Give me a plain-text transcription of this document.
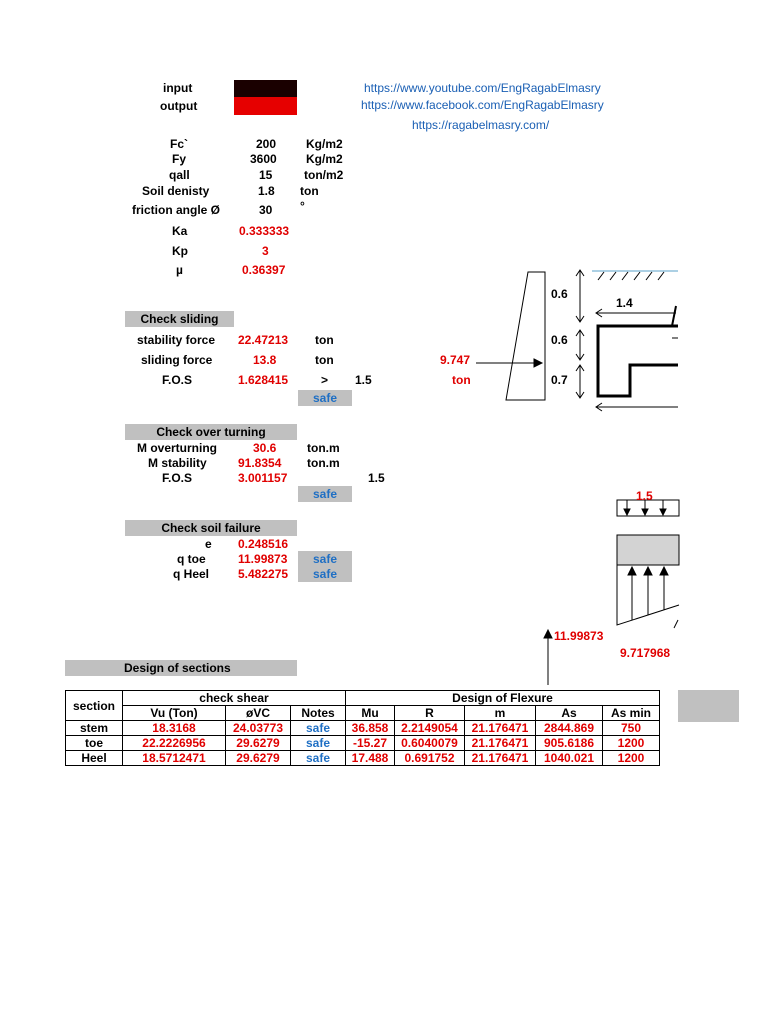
input
output
https://www.youtube.com/EngRagabElmasry
https://www.facebook.com/EngRagabElmasry
https://ragabelmasry.com/
Fc`	200 Kg/m2
Fy	3600 Kg/m2
qall	15	ton/m2
Soil denisty	1.8 ton
friction angle Ø	30 °
Ka	0.333333
Kp	3
µ	0.36397
Check sliding
stability force 22.47213 ton
sliding force	13.8	ton
F.O.S	1.628415	> 1.5
safe
Check over turning
M overturning	30.6	ton.m
M stability	91.8354 ton.m
F.O.S	3.001157	1.5
safe
Check soil failure
e 0.248516
q toe	11.99873	safe
q Heel 5.482275	safe
Design of sections
0.6
1.4
0.6
0.7
9.747
ton
1.5
11.99873
9.717968
section	check shear			Design of Flexure				
	Vu (Ton)	øVC	Notes	Mu	R	m	As	As min
stem	18.3168	24.03773	safe	36.858	2.2149054	21.176471	2844.869	750
toe	22.2226956	29.6279	safe	-15.27	0.6040079	21.176471	905.6186	1200
Heel	18.5712471	29.6279	safe	17.488	0.691752	21.176471	1040.021	1200
